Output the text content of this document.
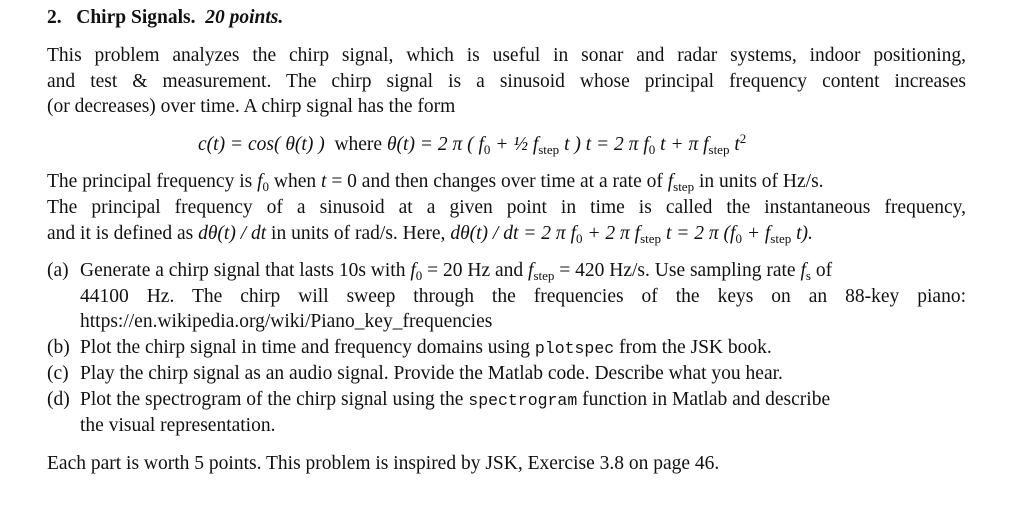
2. Chirp Signals. 20 points.
This problem analyzes the chirp signal, which is useful in sonar and radar systems, indoor positioning,
and test & measurement. The chirp signal is a sinusoid whose principal frequency content increases
(or decreases) over time. A chirp signal has the form
c(t) = cos( θ(t) ) where θ(t) = 2 π ( $f_0$ + ½ $f_{step}$ t ) t = 2 π $f_0$ t + π $f_{step}$ $t^2$
The principal frequency is $f_0$ when t = 0 and then changes over time at a rate of $f_{step}$ in units of Hz/s.
The principal frequency of a sinusoid at a given point in time is called the instantaneous frequency,
and it is defined as dθ(t) / dt in units of rad/s. Here, dθ(t) / dt = 2 π $f_0 + 2$ π $f_{step}$ t = 2 π ($f_0 + f_{step}$ t).
(a) Generate a chirp signal that lasts 10s with $f_0 = 20$ Hz and $f_{step} = 420$ Hz/s. Use sampling rate $f_s$ of
44100 Hz. The chirp will sweep through the frequencies of the keys on an 88-key piano:
https://en.wikipedia.org/wiki/Piano_key_frequencies
(b) Plot the chirp signal in time and frequency domains using plotspec from the JSK book.
(c) Play the chirp signal as an audio signal. Provide the Matlab code. Describe what you hear.
(d) Plot the spectrogram of the chirp signal using the spectrogram function in Matlab and describe
the visual representation.
Each part is worth 5 points. This problem is inspired by JSK, Exercise 3.8 on page 46.
